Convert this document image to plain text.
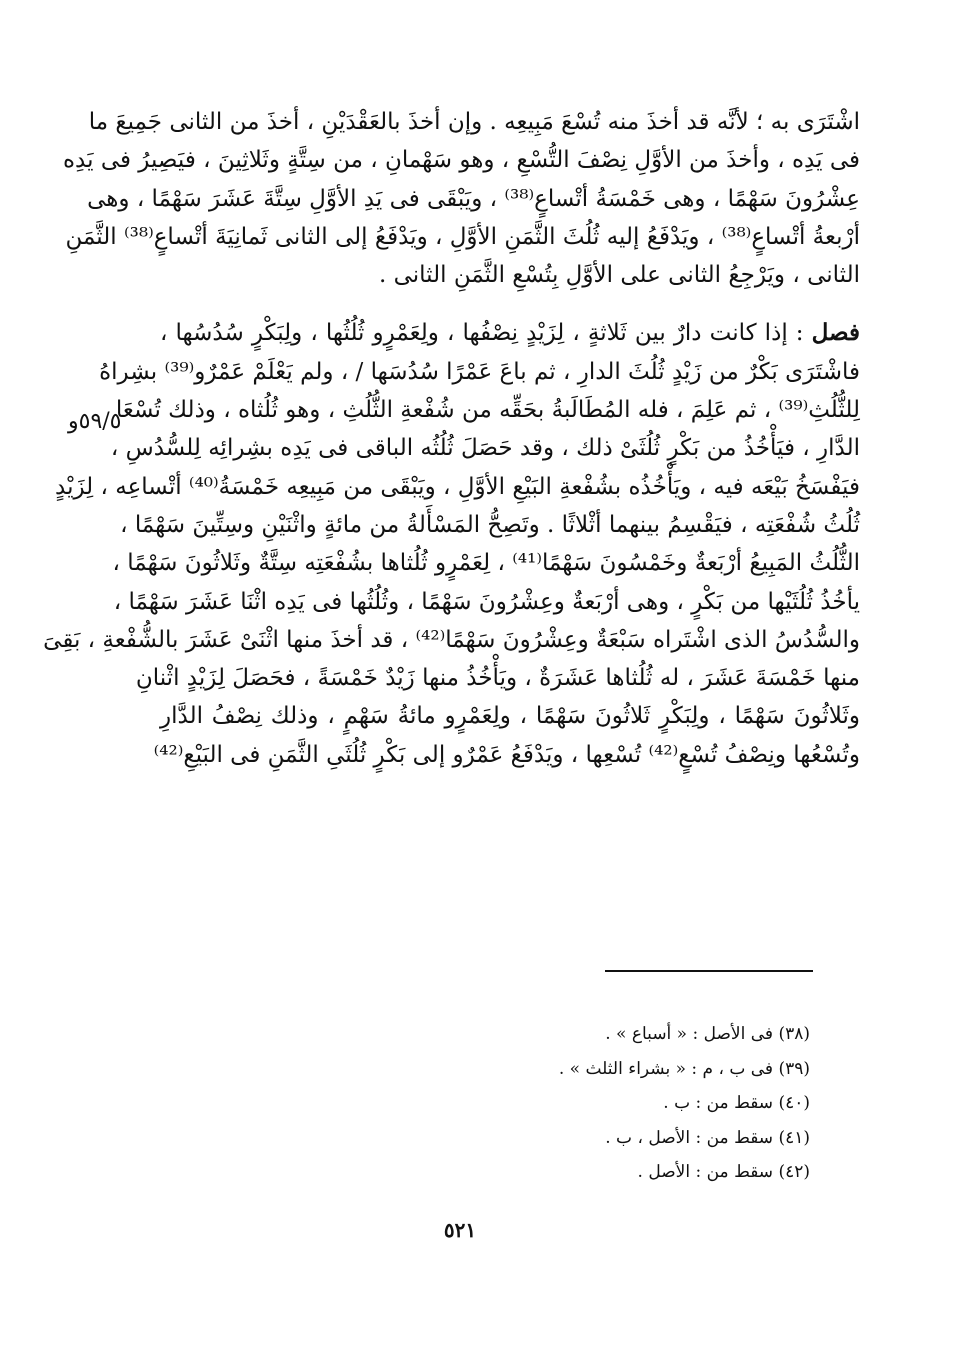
اشْتَرَى به ؛ لأنَّه قد أخذَ منه تُسْعَ مَبِيعِه . وإن أخذَ بالعَقْدَيْنِ ، أخذَ من الثانى جَمِيعَ ما
فى يَدِه ، وأخذَ من الأوَّلِ نِصْفَ التُّسْعِ ، وهو سَهْمانِ ، من سِتَّةٍ وثَلاثِينَ ، فيَصِيرُ فى يَدِه
عِشْرُونَ سَهْمًا ، وهى خَمْسَةُ أتْساعٍ⁽³⁸⁾ ، ويَبْقَى فى يَدِ الأوَّلِ سِتَّةَ عَشَرَ سَهْمًا ، وهى
أرْبعةُ أتْساعٍ⁽³⁸⁾ ، ويَدْفَعُ إليه ثُلُثَ الثَّمَنِ الأوَّلِ ، ويَدْفَعُ إلى الثانى ثَمانِيَةَ أتْساعٍ⁽³⁸⁾ الثَّمَنِ
الثانى ، ويَرْجِعُ الثانى على الأوَّلِ بِتُسْعِ الثَّمَنِ الثانى .
فصل : إذا كانت دارٌ بين ثَلاثةٍ ، لِزَيْدٍ نِصْفُها ، ولِعَمْرٍو ثُلُثُها ، ولِبَكْرٍ سُدُسُها ،
فاشْتَرَى بَكْرٌ من زَيْدٍ ثُلُثَ الدارِ ، ثم باعَ عَمْرًا سُدُسَها / ، ولم يَعْلَمْ عَمْرٌو⁽³⁹⁾ بشِراهُ
لِلثُّلُثِ⁽³⁹⁾ ، ثم عَلِمَ ، فله المُطَالَبةُ بحَقِّه من شُفْعةِ الثُّلُثِ ، وهو ثُلُثاه ، وذلك تُسْعَا
الدَّارِ ، فيَأْخُذُ من بَكْرٍ ثُلُثَىْ ذلك ، وقد حَصَلَ ثُلُثُه الباقى فى يَدِه بشِرائِه لِلسُّدُسِ ،
فيَفْسَخُ بَيْعَه فيه ، ويَأْخُذُه بشُفْعةِ البَيْعِ الأوَّلِ ، ويَبْقَى من مَبِيعِه خَمْسَةُ⁽⁴⁰⁾ أتْساعِه ، لِزَيْدٍ
ثُلُثُ شُفْعَتِه ، فيَقْسِمُ بينهما أثْلاثًا . وتَصِحُّ المَسْأَلةُ من مائةٍ واثْنَيْنِ وسِتِّينَ سَهْمًا ،
الثُّلُثُ المَبِيعُ أرْبَعةٌ وخَمْسُونَ سَهْمًا⁽⁴¹⁾ ، لِعَمْرٍو ثُلُثاها بشُفْعَتِه سِتَّةٌ وثَلاثُونَ سَهْمًا ،
يأخُذُ ثُلُثَيْها من بَكْرٍ ، وهى أرْبَعةٌ وعِشْرُونَ سَهْمًا ، وثُلُثُها فى يَدِه اثْنَا عَشَرَ سَهْمًا ،
والسُّدُسُ الذى اشْتَراه سَبْعَةٌ وعِشْرُونَ سَهْمًا⁽⁴²⁾ ، قد أخذَ منها اثْنَىْ عَشَرَ بالشُّفْعةِ ، بَقِىَ
منها خَمْسَةَ عَشَرَ ، له ثُلُثاها عَشَرَةٌ ، ويَأْخُذُ منها زَيْدٌ خَمْسَةً ، فحَصَلَ لِزَيْدٍ اثْنانِ
وثَلاثُونَ سَهْمًا ، ولِبَكْرٍ ثَلاثُونَ سَهْمًا ، ولِعَمْرٍو مائةُ سَهْمٍ ، وذلك نِصْفُ الدَّارِ
وتُسْعُها ونِصْفُ تُسْعٍ⁽⁴²⁾ تُسْعِها ، ويَدْفَعُ عَمْرٌو إلى بَكْرٍ ثُلُثَىِ الثَّمَنِ فى البَيْعِ⁽⁴²⁾
٥٩/٥و
(٣٨) فى الأصل : « أسباع » .
(٣٩) فى ب ، م : « بشراء الثلث » .
(٤٠) سقط من : ب .
(٤١) سقط من : الأصل ، ب .
(٤٢) سقط من : الأصل .
٥٢١
